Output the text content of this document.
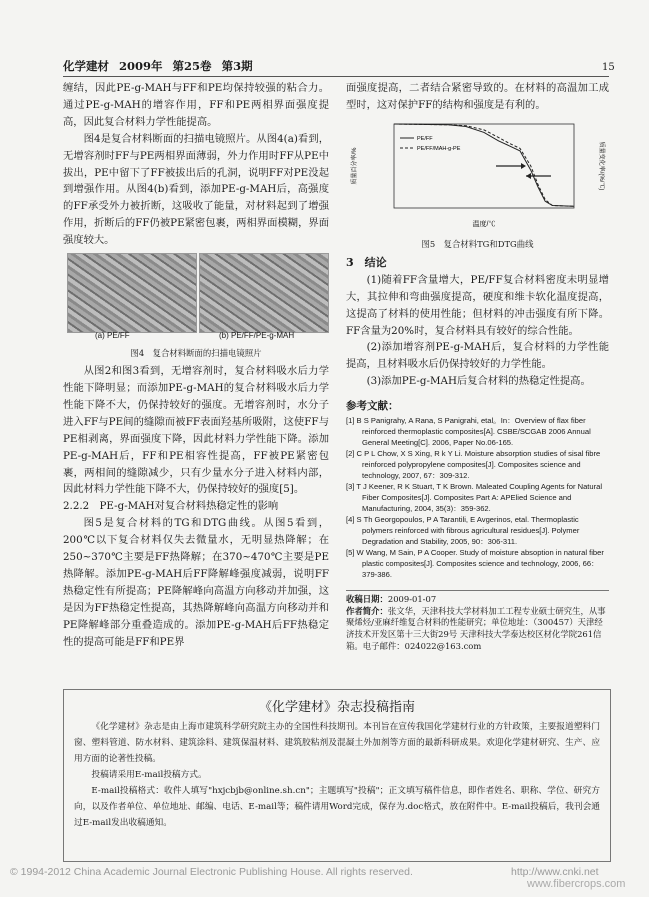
化学建材 2009年 第25卷 第3期	15

缠结，因此PE-g-MAH与FF和PE均保持较强的粘合力。通过PE-g-MAH的增容作用，FF和PE两相界面强度提高，因此复合材料力学性能提高。

图4是复合材料断面的扫描电镜照片。从图4(a)看到，无增容剂时FF与PE两相界面薄弱，外力作用时FF从PE中拔出，PE中留下了FF被拔出后的孔洞，说明FF对PE没起到增强作用。从图4(b)看到，添加PE-g-MAH后，高强度的FF承受外力被折断，这吸收了能量，对材料起到了增强作用，折断后的FF仍被PE紧密包裹，两相界面模糊，界面强度较大。

(a) PE/FF	(b) PE/FF/PE-g-MAH
图4　复合材料断面的扫描电镜照片

从图2和图3看到，无增容剂时，复合材料吸水后力学性能下降明显；而添加PE-g-MAH的复合材料吸水后力学性能下降不大，仍保持较好的强度。无增容剂时，水分子进入FF与PE间的缝隙而被FF表面羟基所吸附，这使FF与PE相剥离，界面强度下降，因此材料力学性能下降。添加PE-g-MAH后，FF和PE相容性提高，FF被PE紧密包裹，两相间的缝隙减少，只有少量水分子进入材料内部，因此材料力学性能下降不大，仍保持较好的强度[5]。

2.2.2　PE-g-MAH对复合材料热稳定性的影响

图5是复合材料的TG和DTG曲线。从图5看到，200℃以下复合材料仅失去微量水，无明显热降解；在250~370℃主要是FF热降解；在370~470℃主要是PE热降解。添加PE-g-MAH后FF降解峰强度减弱，说明FF热稳定性有所提高；PE降解峰向高温方向移动并加强，这是因为FF热稳定性提高，其热降解峰向高温方向移动并和PE降解峰部分重叠造成的。添加PE-g-MAH后FF热稳定性的提高可能是FF和PE界

面强度提高，二者结合紧密导致的。在材料的高温加工成型时，这对保护FF的结构和强度是有利的。

质量百分率/%	质量变化率/(%/℃)
温度/℃
PE/FF
PE/FF/MAH-g-PE
图5　复合材料TG和DTG曲线
3　结论

(1)随着FF含量增大，PE/FF复合材料密度未明显增大，其拉伸和弯曲强度提高，硬度和维卡软化温度提高，这提高了材料的使用性能；但材料的冲击强度有所下降。FF含量为20%时，复合材料具有较好的综合性能。

(2)添加增容剂PE-g-MAH后，复合材料的力学性能提高，且材料吸水后仍保持较好的力学性能。

(3)添加PE-g-MAH后复合材料的热稳定性提高。

参考文献：
[1] B S Panigrahy, A Rana, S Panigrahi, etal。In：Overview of flax fiber reinforced thermoplastic composites[A]. CSBE/SCGAB 2006 Annual General Meeting[C]. 2006, Paper No.06-165.
[2] C P L Chow, X S Xing, R k Y Li. Moisture absorption studies of sisal fibre reinforced polypropylene composites[J]. Composites science and technology, 2007, 67：309-312.
[3] T J Keener, R K Stuart, T K Brown. Maleated Coupling Agents for Natural Fiber Composites[J]. Composites Part A: APElied Science and Manufacturing, 2004, 35(3)：359-362.
[4] S Th Georgopoulos, P A Tarantili, E Avgerinos, etal. Thermoplastic polymers reinforced with fibrous agricultural residues[J]. Polymer Degradation and Stability, 2005, 90：306-311.
[5] W Wang, M Sain, P A Cooper. Study of moisture absoption in natural fiber plastic composites[J]. Composites science and technology, 2006, 66：379-386.
收稿日期：2009-01-07
作者简介：张文华，天津科技大学材料加工工程专业硕士研究生，从事聚烯烃/亚麻纤维复合材料的性能研究；单位地址：（300457）天津经济技术开发区第十三大街29号 天津科技大学泰达校区材化学院261信箱。电子邮件：024022@163.com
《化学建材》杂志投稿指南

《化学建材》杂志是由上海市建筑科学研究院主办的全国性科技期刊。本刊旨在宣传我国化学建材行业的方针政策，主要报道塑料门窗、塑料管道、防水材料、建筑涂料、建筑保温材料、建筑胶粘剂及混凝土外加剂等方面的最新科研成果。欢迎化学建材研究、生产、应用方面的论著性投稿。

投稿请采用E-mail投稿方式。

E-mail投稿格式：收件人填写"hxjcbjb@online.sh.cn"；主题填写"投稿"；正文填写稿件信息，即作者姓名、职称、学位、研究方向，以及作者单位、单位地址、邮编、电话、E-mail等；稿件请用Word完成，保存为.doc格式，放在附件中。E-mail投稿后，我刊会通过E-mail发出收稿通知。

© 1994-2012 China Academic Journal Electronic Publishing House. All rights reserved.	http://www.cnki.net
www.fibercrops.com
